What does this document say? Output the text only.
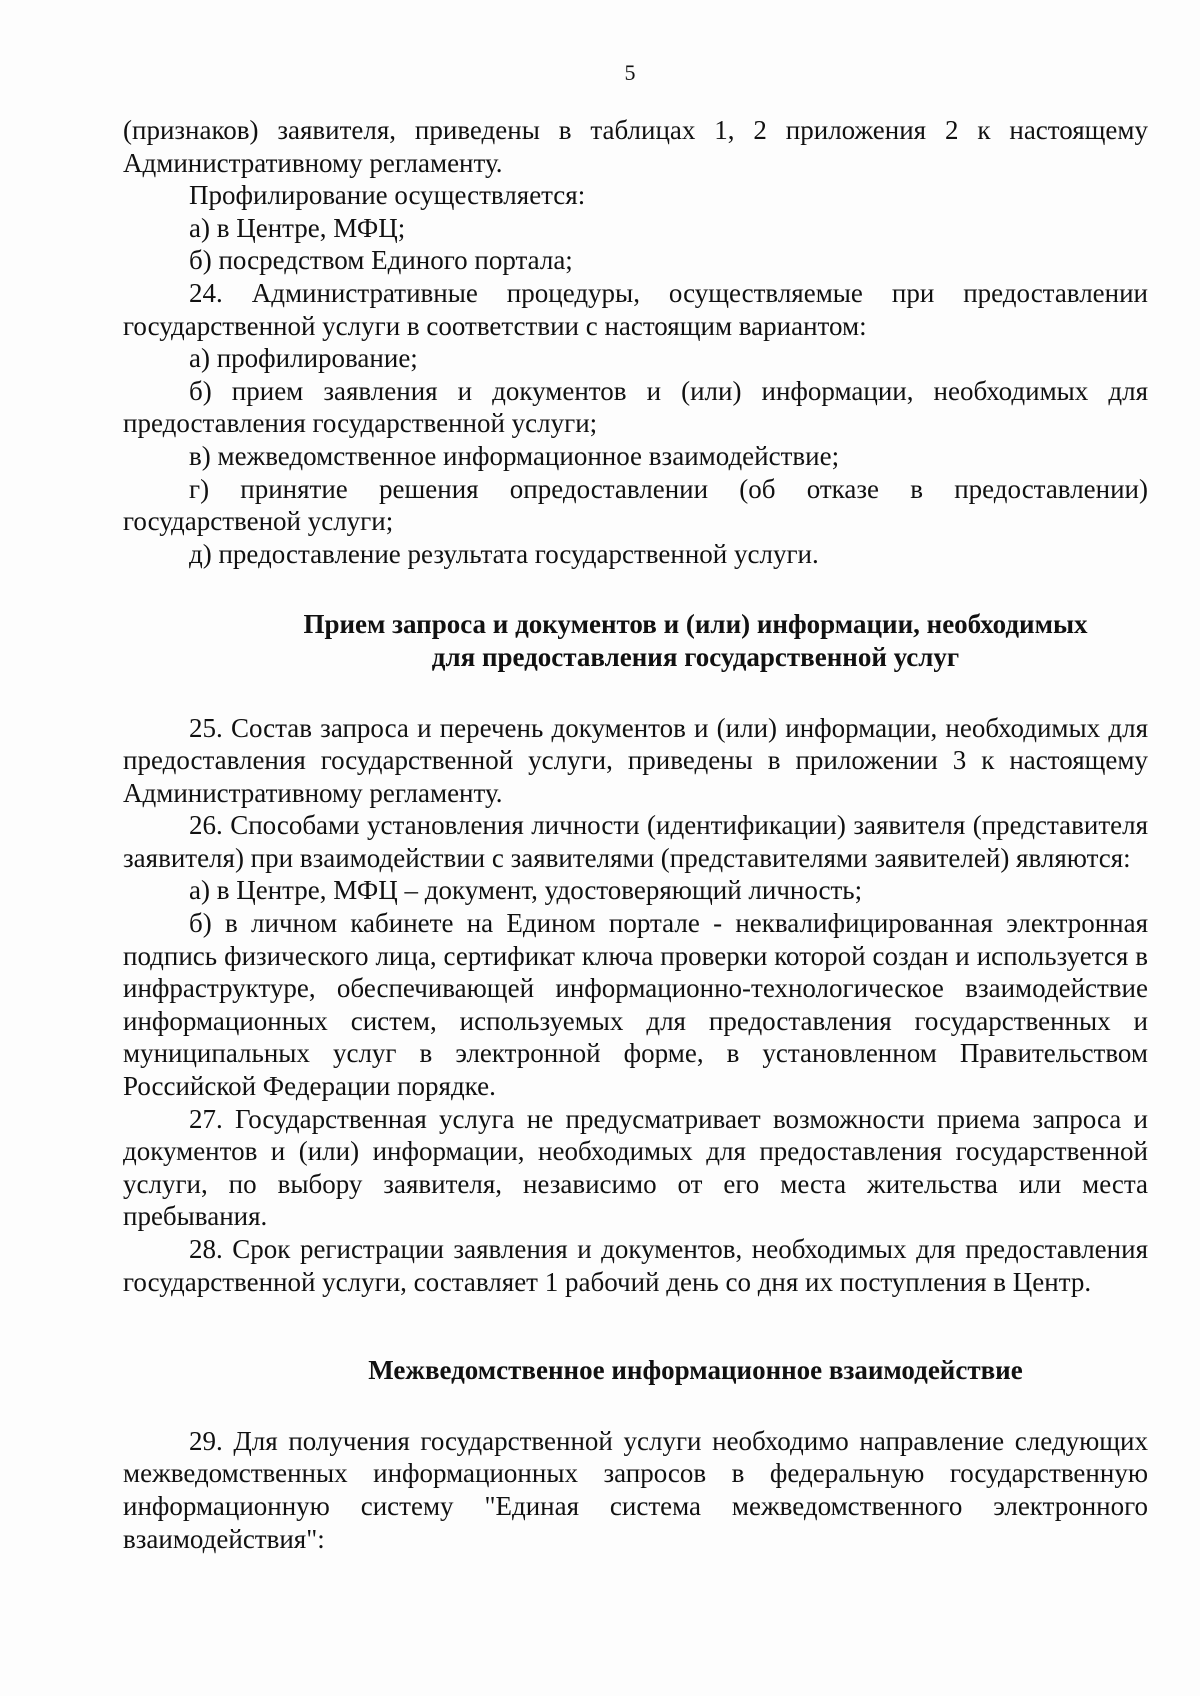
5

(признаков) заявителя, приведены в таблицах 1, 2 приложения 2 к настоящему Административному регламенту.

Профилирование осуществляется:

а) в Центре, МФЦ;

б) посредством Единого портала;

24. Административные процедуры, осуществляемые при предоставлении государственной услуги в соответствии с настоящим вариантом:

а) профилирование;

б) прием заявления и документов и (или) информации, необходимых для предоставления государственной услуги;

в) межведомственное информационное взаимодействие;

г) принятие решения опредоставлении (об отказе в предоставлении) государственой услуги;

д) предоставление результата государственной услуги.

Прием запроса и документов и (или) информации, необходимых

для предоставления государственной услуг

25. Состав запроса и перечень документов и (или) информации, необходимых для предоставления государственной услуги, приведены в приложении 3 к настоящему Административному регламенту.

26. Способами установления личности (идентификации) заявителя (представителя заявителя) при взаимодействии с заявителями (представителями заявителей) являются:

а) в Центре, МФЦ – документ, удостоверяющий личность;

б) в личном кабинете на Едином портале - неквалифицированная электронная подпись физического лица, сертификат ключа проверки которой создан и используется в инфраструктуре, обеспечивающей информационно-технологическое взаимодействие информационных систем, используемых для предоставления государственных и муниципальных услуг в электронной форме, в установленном Правительством Российской Федерации порядке.

27. Государственная услуга не предусматривает возможности приема запроса и документов и (или) информации, необходимых для предоставления государственной услуги, по выбору заявителя, независимо от его места жительства или места пребывания.

28. Срок регистрации заявления и документов, необходимых для предоставления государственной услуги, составляет 1 рабочий день со дня их поступления в Центр.

Межведомственное информационное взаимодействие

29. Для получения государственной услуги необходимо направление следующих межведомственных информационных запросов в федеральную государственную информационную систему "Единая система межведомственного электронного взаимодействия":
